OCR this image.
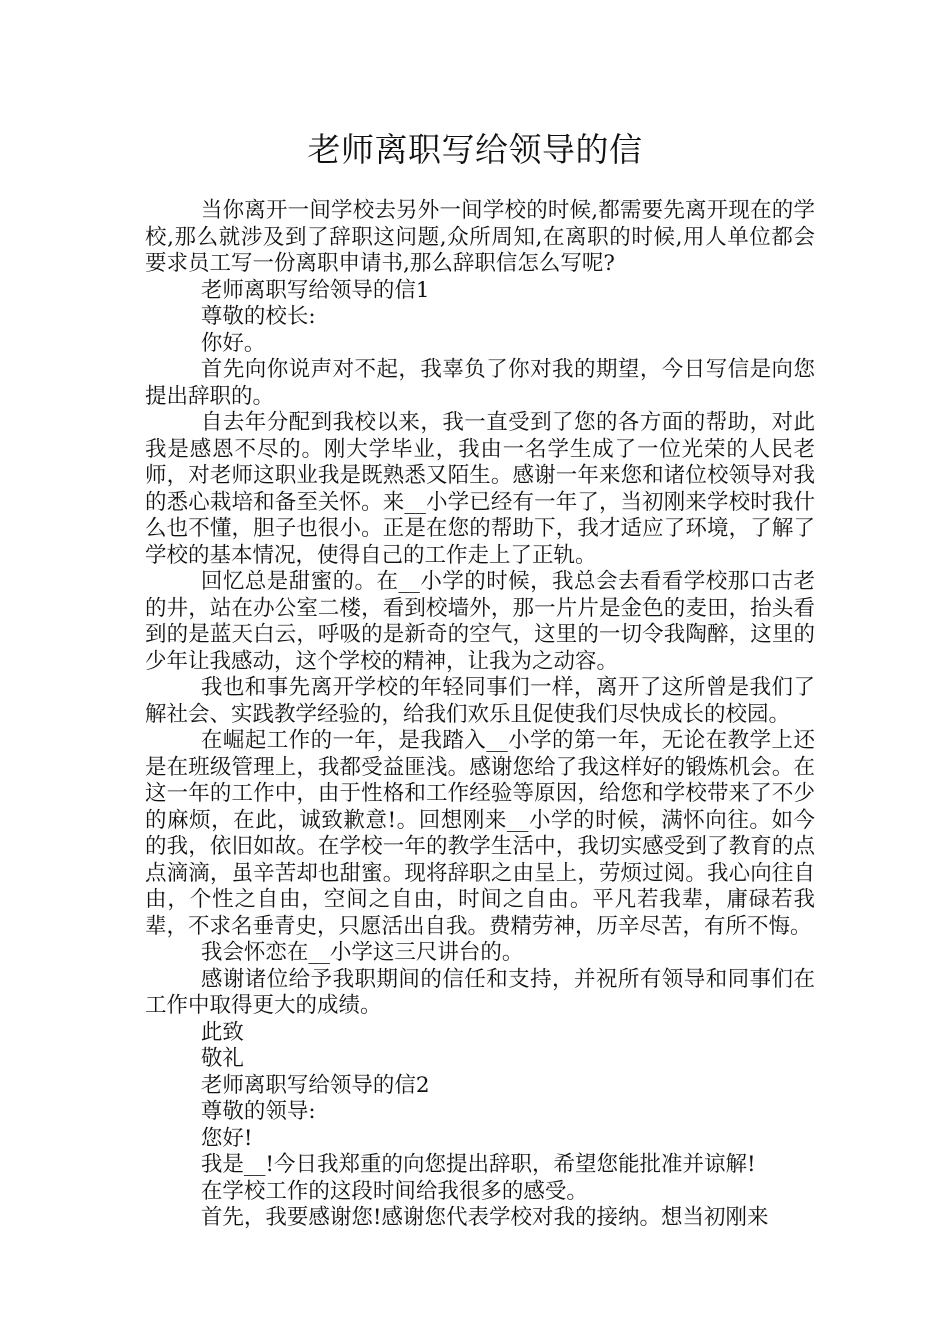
老师离职写给领导的信

当你离开一间学校去另外一间学校的时候,都需要先离开现在的学校,那么就涉及到了辞职这问题,众所周知,在离职的时候,用人单位都会要求员工写一份离职申请书,那么辞职信怎么写呢?

老师离职写给领导的信1

尊敬的校长:

你好。

首先向你说声对不起，我辜负了你对我的期望，今日写信是向您提出辞职的。

自去年分配到我校以来，我一直受到了您的各方面的帮助，对此我是感恩不尽的。刚大学毕业，我由一名学生成了一位光荣的人民老师，对老师这职业我是既熟悉又陌生。感谢一年来您和诸位校领导对我的悉心栽培和备至关怀。来__小学已经有一年了，当初刚来学校时我什么也不懂，胆子也很小。正是在您的帮助下，我才适应了环境，了解了学校的基本情况，使得自己的工作走上了正轨。

回忆总是甜蜜的。在__小学的时候，我总会去看看学校那口古老的井，站在办公室二楼，看到校墙外，那一片片是金色的麦田，抬头看到的是蓝天白云，呼吸的是新奇的空气，这里的一切令我陶醉，这里的少年让我感动，这个学校的精神，让我为之动容。

我也和事先离开学校的年轻同事们一样，离开了这所曾是我们了解社会、实践教学经验的，给我们欢乐且促使我们尽快成长的校园。

在崛起工作的一年，是我踏入__小学的第一年，无论在教学上还是在班级管理上，我都受益匪浅。感谢您给了我这样好的锻炼机会。在这一年的工作中，由于性格和工作经验等原因，给您和学校带来了不少的麻烦，在此，诚致歉意!。回想刚来__小学的时候，满怀向往。如今的我，依旧如故。在学校一年的教学生活中，我切实感受到了教育的点点滴滴，虽辛苦却也甜蜜。现将辞职之由呈上，劳烦过阅。我心向往自由，个性之自由，空间之自由，时间之自由。平凡若我辈，庸碌若我辈，不求名垂青史，只愿活出自我。费精劳神，历辛尽苦，有所不悔。

我会怀恋在__小学这三尺讲台的。

感谢诸位给予我职期间的信任和支持，并祝所有领导和同事们在工作中取得更大的成绩。

此致

敬礼

老师离职写给领导的信2

尊敬的领导:

您好!

我是__!今日我郑重的向您提出辞职，希望您能批准并谅解!

在学校工作的这段时间给我很多的感受。

首先，我要感谢您!感谢您代表学校对我的接纳。想当初刚来
